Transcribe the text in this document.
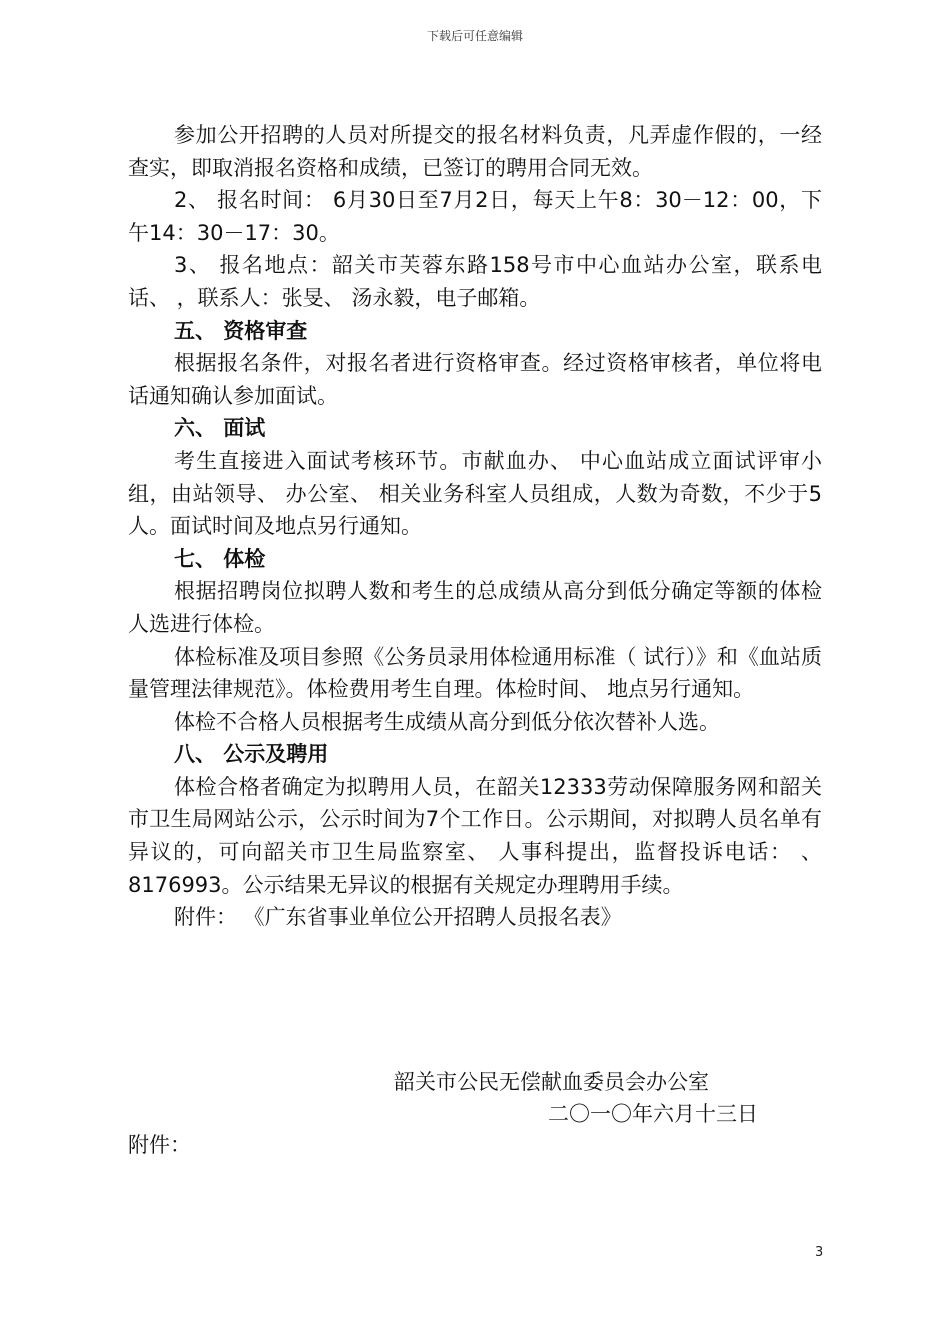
下载后可任意编辑

参加公开招聘的人员对所提交的报名材料负责，凡弄虚作假的，一经查实，即取消报名资格和成绩，已签订的聘用合同无效。

2、 报名时间： 6月30日至7月2日，每天上午8：30－12：00，下午14：30－17：30。

3、 报名地点：韶关市芙蓉东路158号市中心血站办公室，联系电话、 ，联系人：张旻、 汤永毅，电子邮箱。

五、 资格审查

根据报名条件，对报名者进行资格审查。经过资格审核者，单位将电话通知确认参加面试。

六、 面试

考生直接进入面试考核环节。市献血办、 中心血站成立面试评审小组，由站领导、 办公室、 相关业务科室人员组成，人数为奇数，不少于5人。面试时间及地点另行通知。

七、 体检

根据招聘岗位拟聘人数和考生的总成绩从高分到低分确定等额的体检人选进行体检。

体检标准及项目参照《公务员录用体检通用标准（ 试行）》和《血站质量管理法律规范》。体检费用考生自理。体检时间、 地点另行通知。

体检不合格人员根据考生成绩从高分到低分依次替补人选。

八、 公示及聘用

体检合格者确定为拟聘用人员，在韶关12333劳动保障服务网和韶关市卫生局网站公示，公示时间为7个工作日。公示期间，对拟聘人员名单有异议的，可向韶关市卫生局监察室、 人事科提出，监督投诉电话： 、 8176993。公示结果无异议的根据有关规定办理聘用手续。

附件： 《广东省事业单位公开招聘人员报名表》

韶关市公民无偿献血委员会办公室
二〇一〇年六月十三日
附件：
3
